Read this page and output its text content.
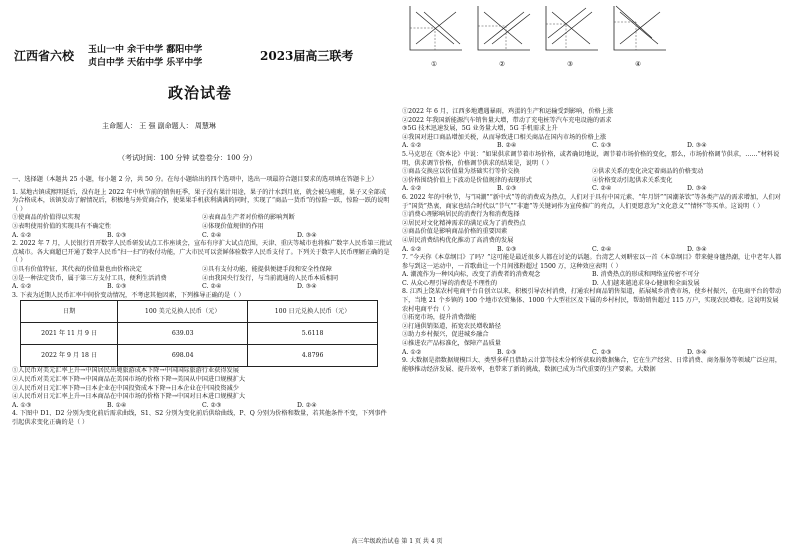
江西省六校 玉山一中 余干中学 鄱阳中学
贞白中学 天佑中学 乐平中学	2023届高三联考
政治试卷
主命题人： 王 强 副命题人： 周慧琳
（考试时间：100 分钟 试卷卷分：100 分）

一、选择题（本题共 25 小题，每小题 2 分，共 50 分。在每小题给出的四个选项中，选出一项最符合题目要求的选项填在答题卡上）

1. 某地古镇成熙明延后，没有赶上 2022 年中秋节前的销售旺季，果子没有果汁用途，果子的汁水到月底，就会被乌啦啦，果子又全部成为合格成本，该镇发动了解情况后，积极地与外贸商合作，使果果手机获利满满的同时，实现了“商品一货币”的惊险一跃，惊险一跃的说明（ ）

①使商品的价值得以实现	②表商品生产者对价格的影响判断
③表明使用价值的实现具有不确定性	④体现价值规律的作用
A. ①②	B. ①③	C. ②④	D. ③④

2. 2022 年 7 月，人民银行召开数字人民币研发试点工作座谈会，宣布有序扩大试点范围，天津、重庆等城市也将推广数字人民币第三批试点城市。各大商超已开通了数字人民币“扫一扫”的收付功能，广大市民可以尝鲜体验数字人民币支付了。下列关于数字人民币理解正确的是（ ）

①具有价值特征，其代表的价值量也由价格决定	②具有支付功能，能提供便捷手段和安全性保障
③是一种法定货币，属于第三方支付工具，便利生活消费	④由我国央行发行，与当前流通的人民币本质相同
A. ①②	B. ①③	C. ②④	D. ③④

3. 下表为近期人民币汇率中间价变动情况，不考虑其他因素，下列推导正确的是（ ）

日期	100 美元兑换人民币（元）	100 日元兑换人民币（元）
2021 年 11 月 9 日	639.03	5.6118
2022 年 9 月 18 日	698.04	4.8796

①人民币对美元汇率上升→中国居民出境旅游成本下降→中国国际旅游行业获得发展

②人民币对美元汇率下降→中国商品在美国市场的价格下降→美国从中国进口规模扩大

③人民币对日元汇率下降→日本企业在中国投资成本下降→日本企业在中国投资减少

④人民币对日元汇率上升→日本商品在中国市场的价格下降→中国对日本进口规模扩大

A. ①③	B. ①④	C. ②③	D. ②④

4. 下图中 D1、D2 分别为变化前后需求曲线，S1、S2 分别为变化前后供给曲线，P、Q 分别为价格和数量，若其他条件不变，下列事件引起供求变化正确的是（ ）

①	②	③	④

①2022 年 6 月，江西多地遭遇暴雨，鸡蛋的生产和运输受到影响，价格上涨

②2022 年我国新能源汽车销售量大增，带动了充电桩等汽车充电设施的需求

③5G 技术迅速发展，5G 业务量大增，5G 手机需求上升

④我国对进口商品增加关税，从而导致进口相关商品在国内市场的价格上涨

A. ①②	B. ②④	C. ①③	D. ③④

5.马克思在《资本论》中说：“如果供求调节着市场价格，或者确切地说，调节着市场价格的变化，那么，市场价格调节供求，……”材料说明，供求调节价格，价格调节供求的结果是，说明（ ）

①商品交换应以价值量为基础实行等价交换	②供求关系的变化决定着商品的价格变动
③价格围绕价值上下波动是价值规律的表现形式	④价格变动引起供求关系变化
A. ①②	B. ①③	C. ②④	D. ③④

6. 2022 年的中秋节，与“国潮”“新中式”等的消费成为热点，人们对于具有中国元素、“年月饼”“国潮茶饮”等各类产品的需求增加，人们对于“国货”热衷，商家也结合时代以“节气”“非遗”等关键词作为宣传推广的亮点，人们更愿意为“文化意义”“情怀”等买单。这说明（ ）

①消费心理影响居民的消费行为和消费选择

②居民对文化精神需求的满足成为了消费热点

③商品价值是影响商品价格的重要因素

④居民消费结构优化推动了高消费的发展

A. ①②	B. ①③	C. ②④	D. ③④

7. “今天你《本草纲目》了吗？”这可能是最近很多人都在讨论的话题。台湾艺人刘畊宏以一首《本草纲目》带来健身毽热潮，让中老年人都参与到这一运动中，一首歌曲让一个月间涨粉超过 1500 万，这种效应表明（ ）

A. 潮流作为一种风向标，改变了消费者的消费观念	B. 消费热点的形成和网络宣传密不可分
C. 从众心理引导的消费是不理性的	D. 人们越来越追求身心健康和全面发展

8. 江西上饶某农村电商平台自创立以来，积极引导农村消费，打通农村商品销售渠道，拓展城乡消费市场，使乡村振兴，在电商平台的带动下，当地 21 个乡镇的 100 个地市农贸集体、1000 个大型社区及下属的乡村村民，帮助销售超过 115 万户，实现农民增收。这说明发展农村电商平台（ ）

①拓宽市场，提升消费潜能

②打通供销渠道，拓宽农民增收路径

③助力乡村振兴，促进城乡融合

④推进农产品标准化，保障产品质量

A. ①②	B. ①③	C. ②③	D. ③④

9. 大数据是指数据规模巨大、类型多样且借助云计算等技术分析所获取的数据集合，它在生产经营、日常消费、商务服务等领域广泛应用，能够推动经济发展、提升效率，也带来了新的挑战，数据已成为当代重要的生产要素。大数据

高三年级政治试卷 第 1 页 共 4 页
